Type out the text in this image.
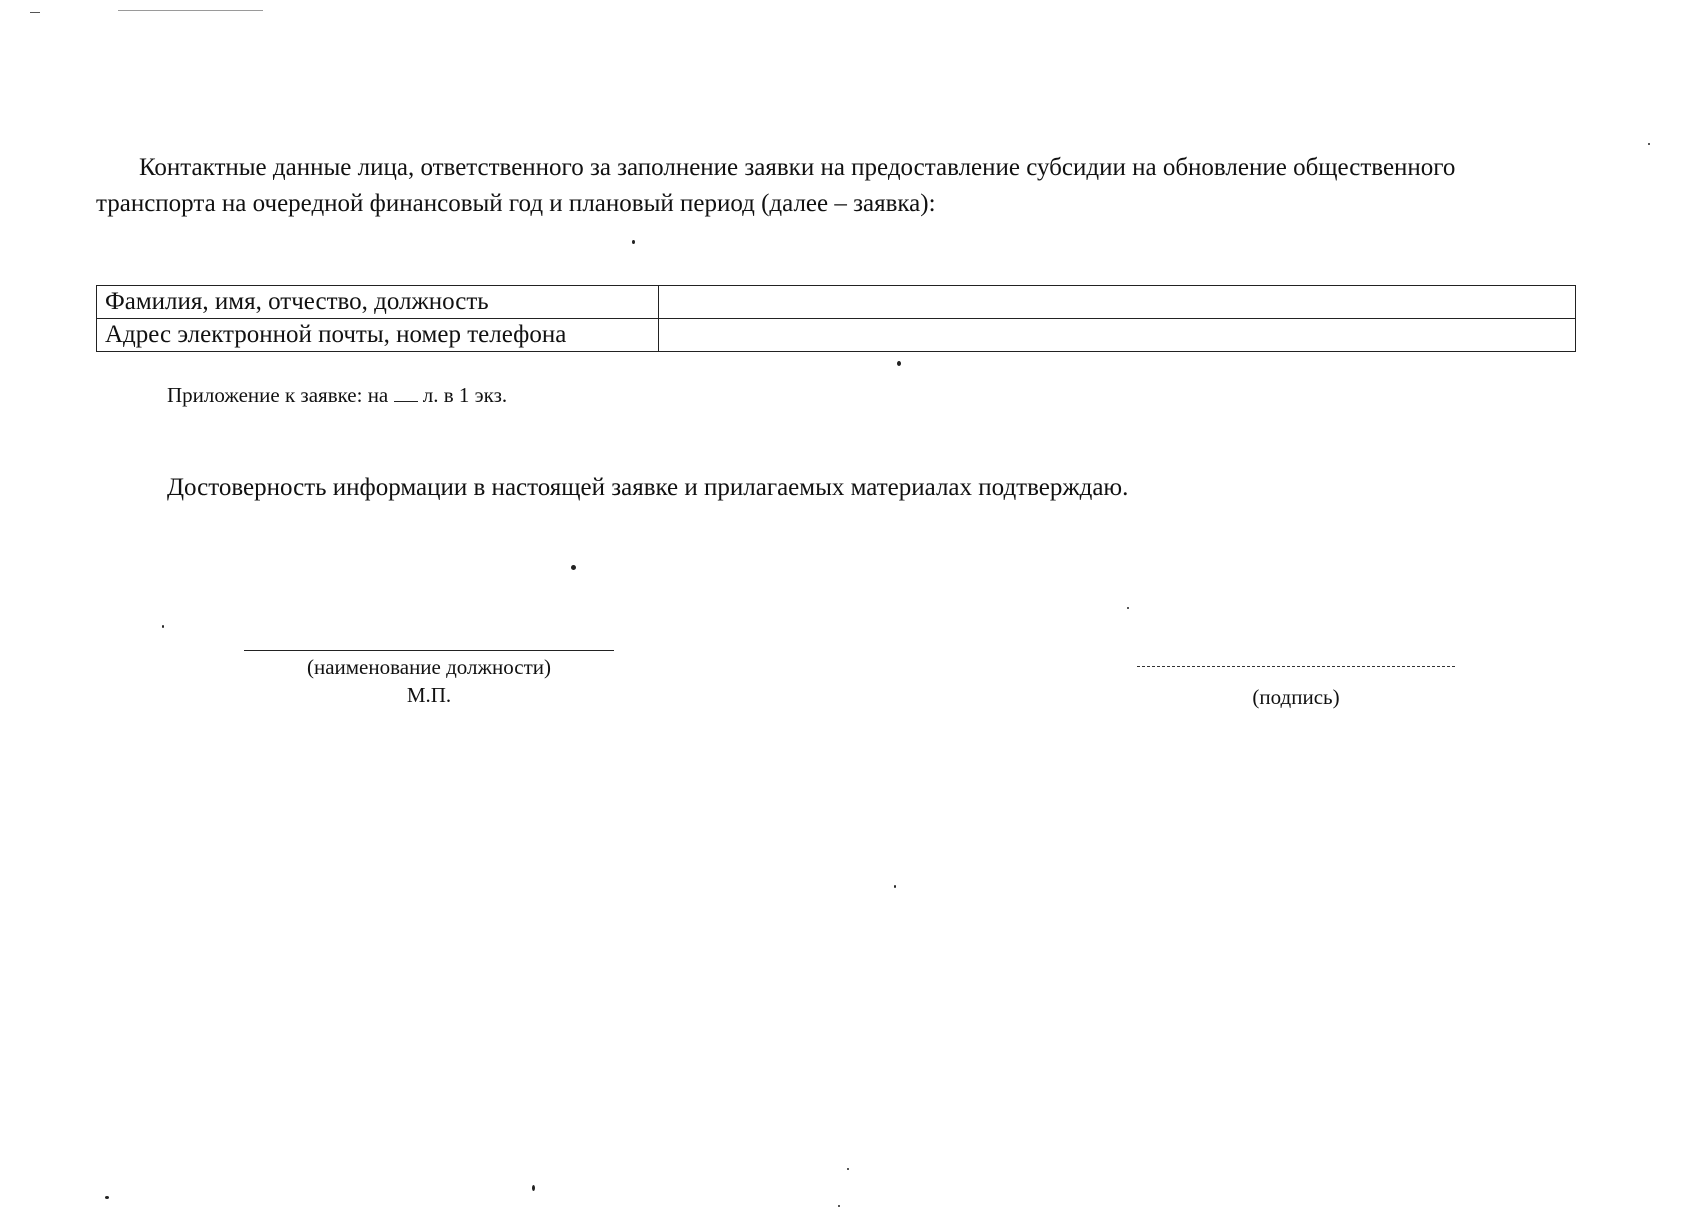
Контактные данные лица, ответственного за заполнение заявки на предоставление субсидии на обновление общественного транспорта на очередной финансовый год и плановый период (далее – заявка):

Фамилия, имя, отчество, должность	
Адрес электронной почты, номер телефона	

Приложение к заявке: на л. в 1 экз.

Достоверность информации в настоящей заявке и прилагаемых материалах подтверждаю.

(наименование должности)

М.П.	(подпись)
